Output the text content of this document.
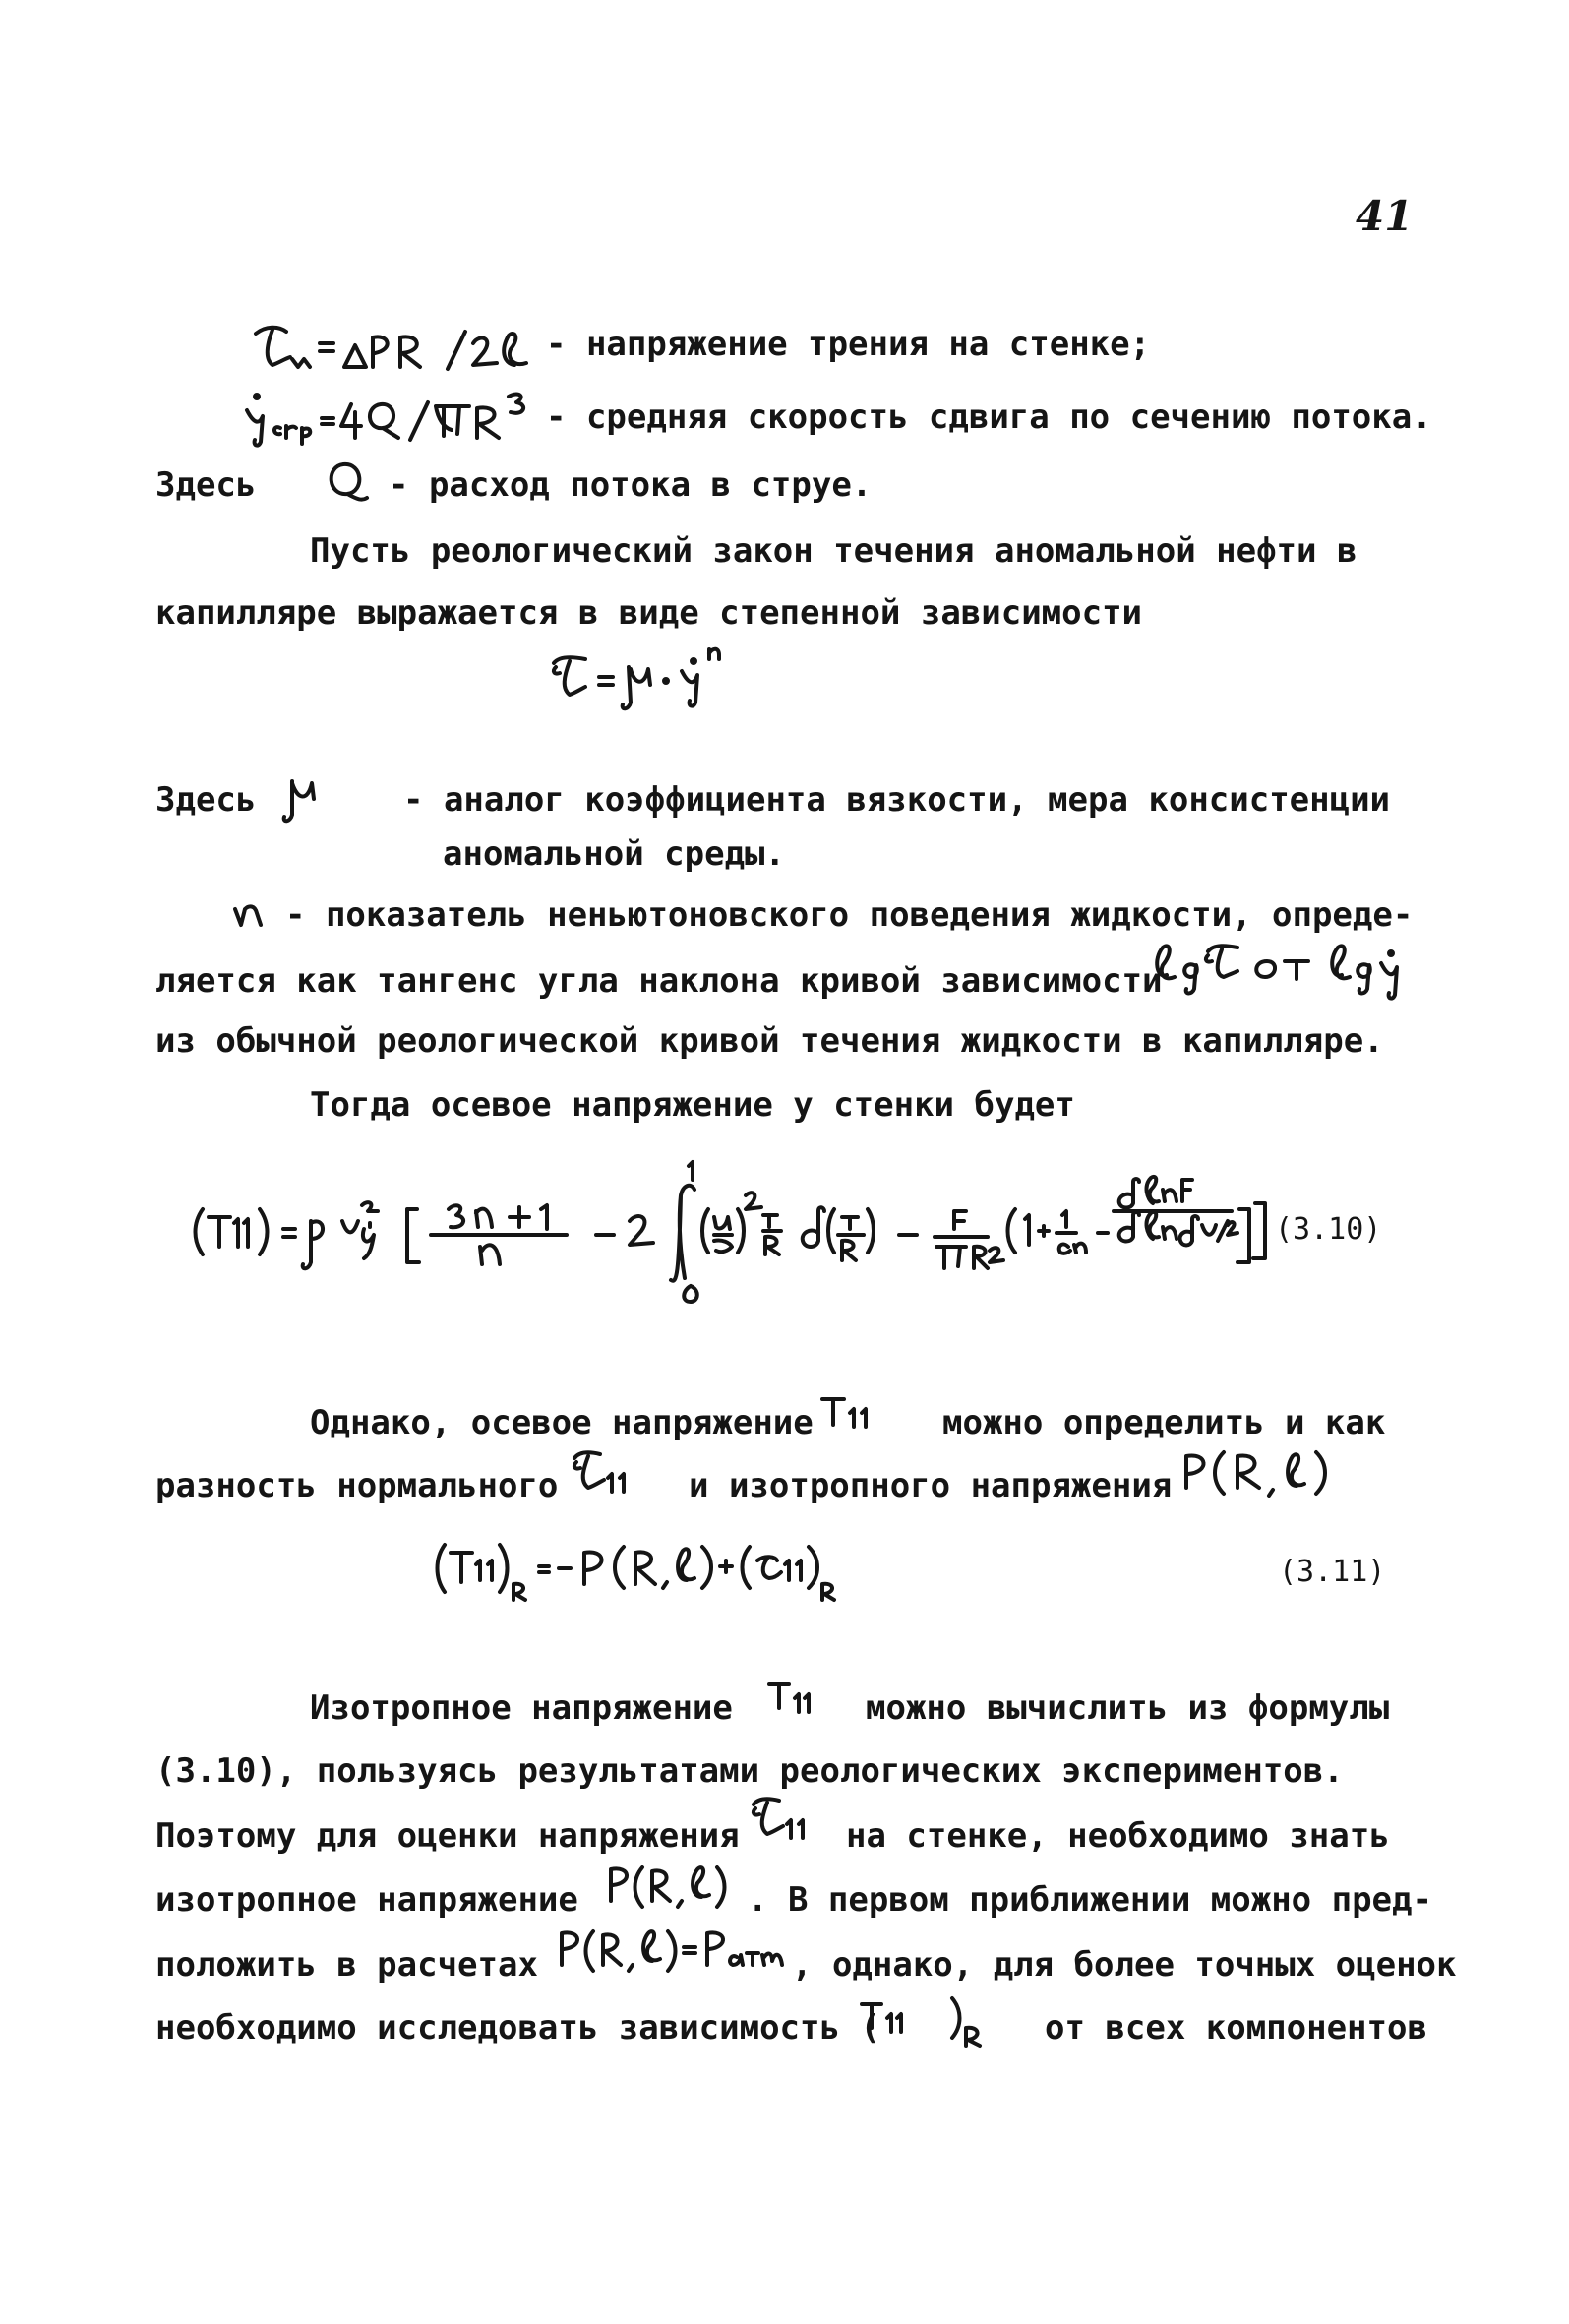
41
- напряжение трения на стенке;
- средняя скорость сдвига по сечению потока.
Здесь	- расход потока в струе.
Пусть реологический закон течения аномальной нефти в
капилляре выражается в виде степенной зависимости
Здесь	- аналог коэффициента вязкости, мера консистенции
аномальной среды.
- показатель неньютоновского поведения жидкости, опреде-
ляется как тангенс угла наклона кривой зависимости
из обычной реологической кривой течения жидкости в капилляре.
Тогда осевое напряжение у стенки будет
(3.10)
Однако, осевое напряжение	можно определить и как
разность нормального	и изотропного напряжения
(3.11)
Изотропное напряжение	можно вычислить из формулы
(3.10), пользуясь результатами реологических экспериментов.
Поэтому для оценки напряжения	на стенке, необходимо знать
изотропное напряжение	. В первом приближении можно пред-
положить в расчетах	, однако, для более точных оценок
необходимо исследовать зависимость (	от всех компонентов
